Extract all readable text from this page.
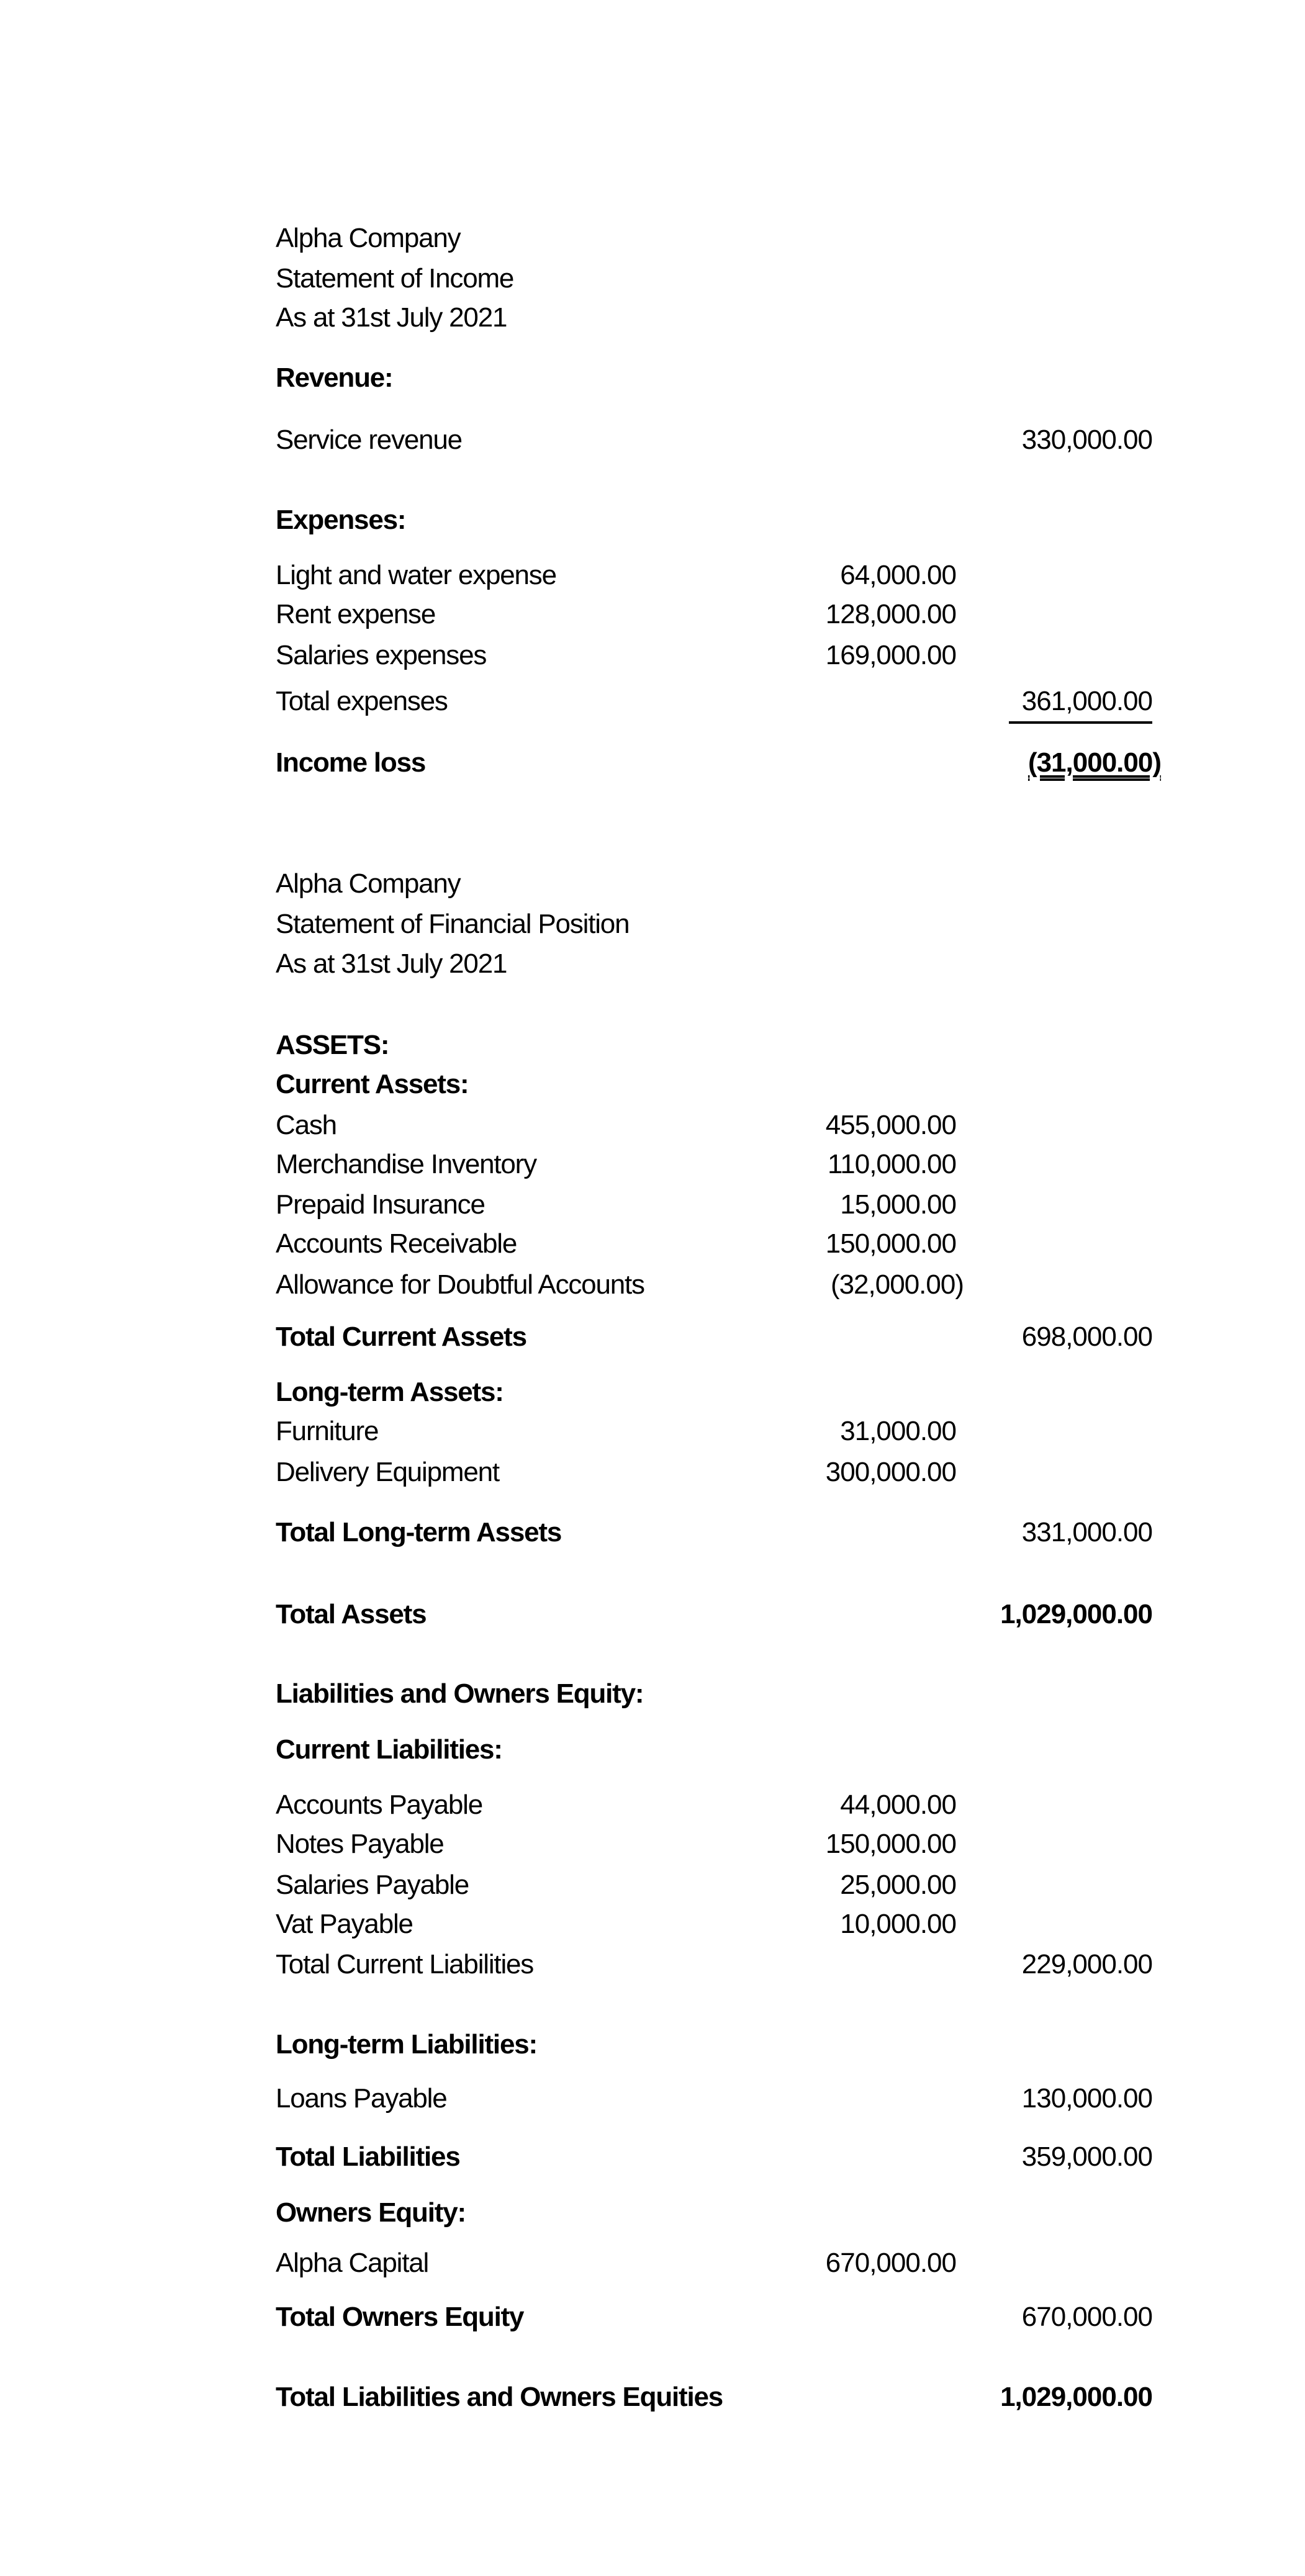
Alpha Company
Statement of Income
As at 31st July 2021
Revenue:
Service revenue	330,000.00
Expenses:
Light and water expense	64,000.00
Rent expense	128,000.00
Salaries expenses	169,000.00
Total expenses	361,000.00
Income loss	(31,000.00)
Alpha Company
Statement of Financial Position
As at 31st July 2021
ASSETS:
Current Assets:
Cash	455,000.00
Merchandise Inventory	110,000.00
Prepaid Insurance	15,000.00
Accounts Receivable	150,000.00
Allowance for Doubtful Accounts	(32,000.00)
Total Current Assets	698,000.00
Long-term Assets:
Furniture	31,000.00
Delivery Equipment	300,000.00
Total Long-term Assets	331,000.00
Total Assets	1,029,000.00
Liabilities and Owners Equity:
Current Liabilities:
Accounts Payable	44,000.00
Notes Payable	150,000.00
Salaries Payable	25,000.00
Vat Payable	10,000.00
Total Current Liabilities	229,000.00
Long-term Liabilities:
Loans Payable	130,000.00
Total Liabilities	359,000.00
Owners Equity:
Alpha Capital	670,000.00
Total Owners Equity	670,000.00
Total Liabilities and Owners Equities	1,029,000.00
